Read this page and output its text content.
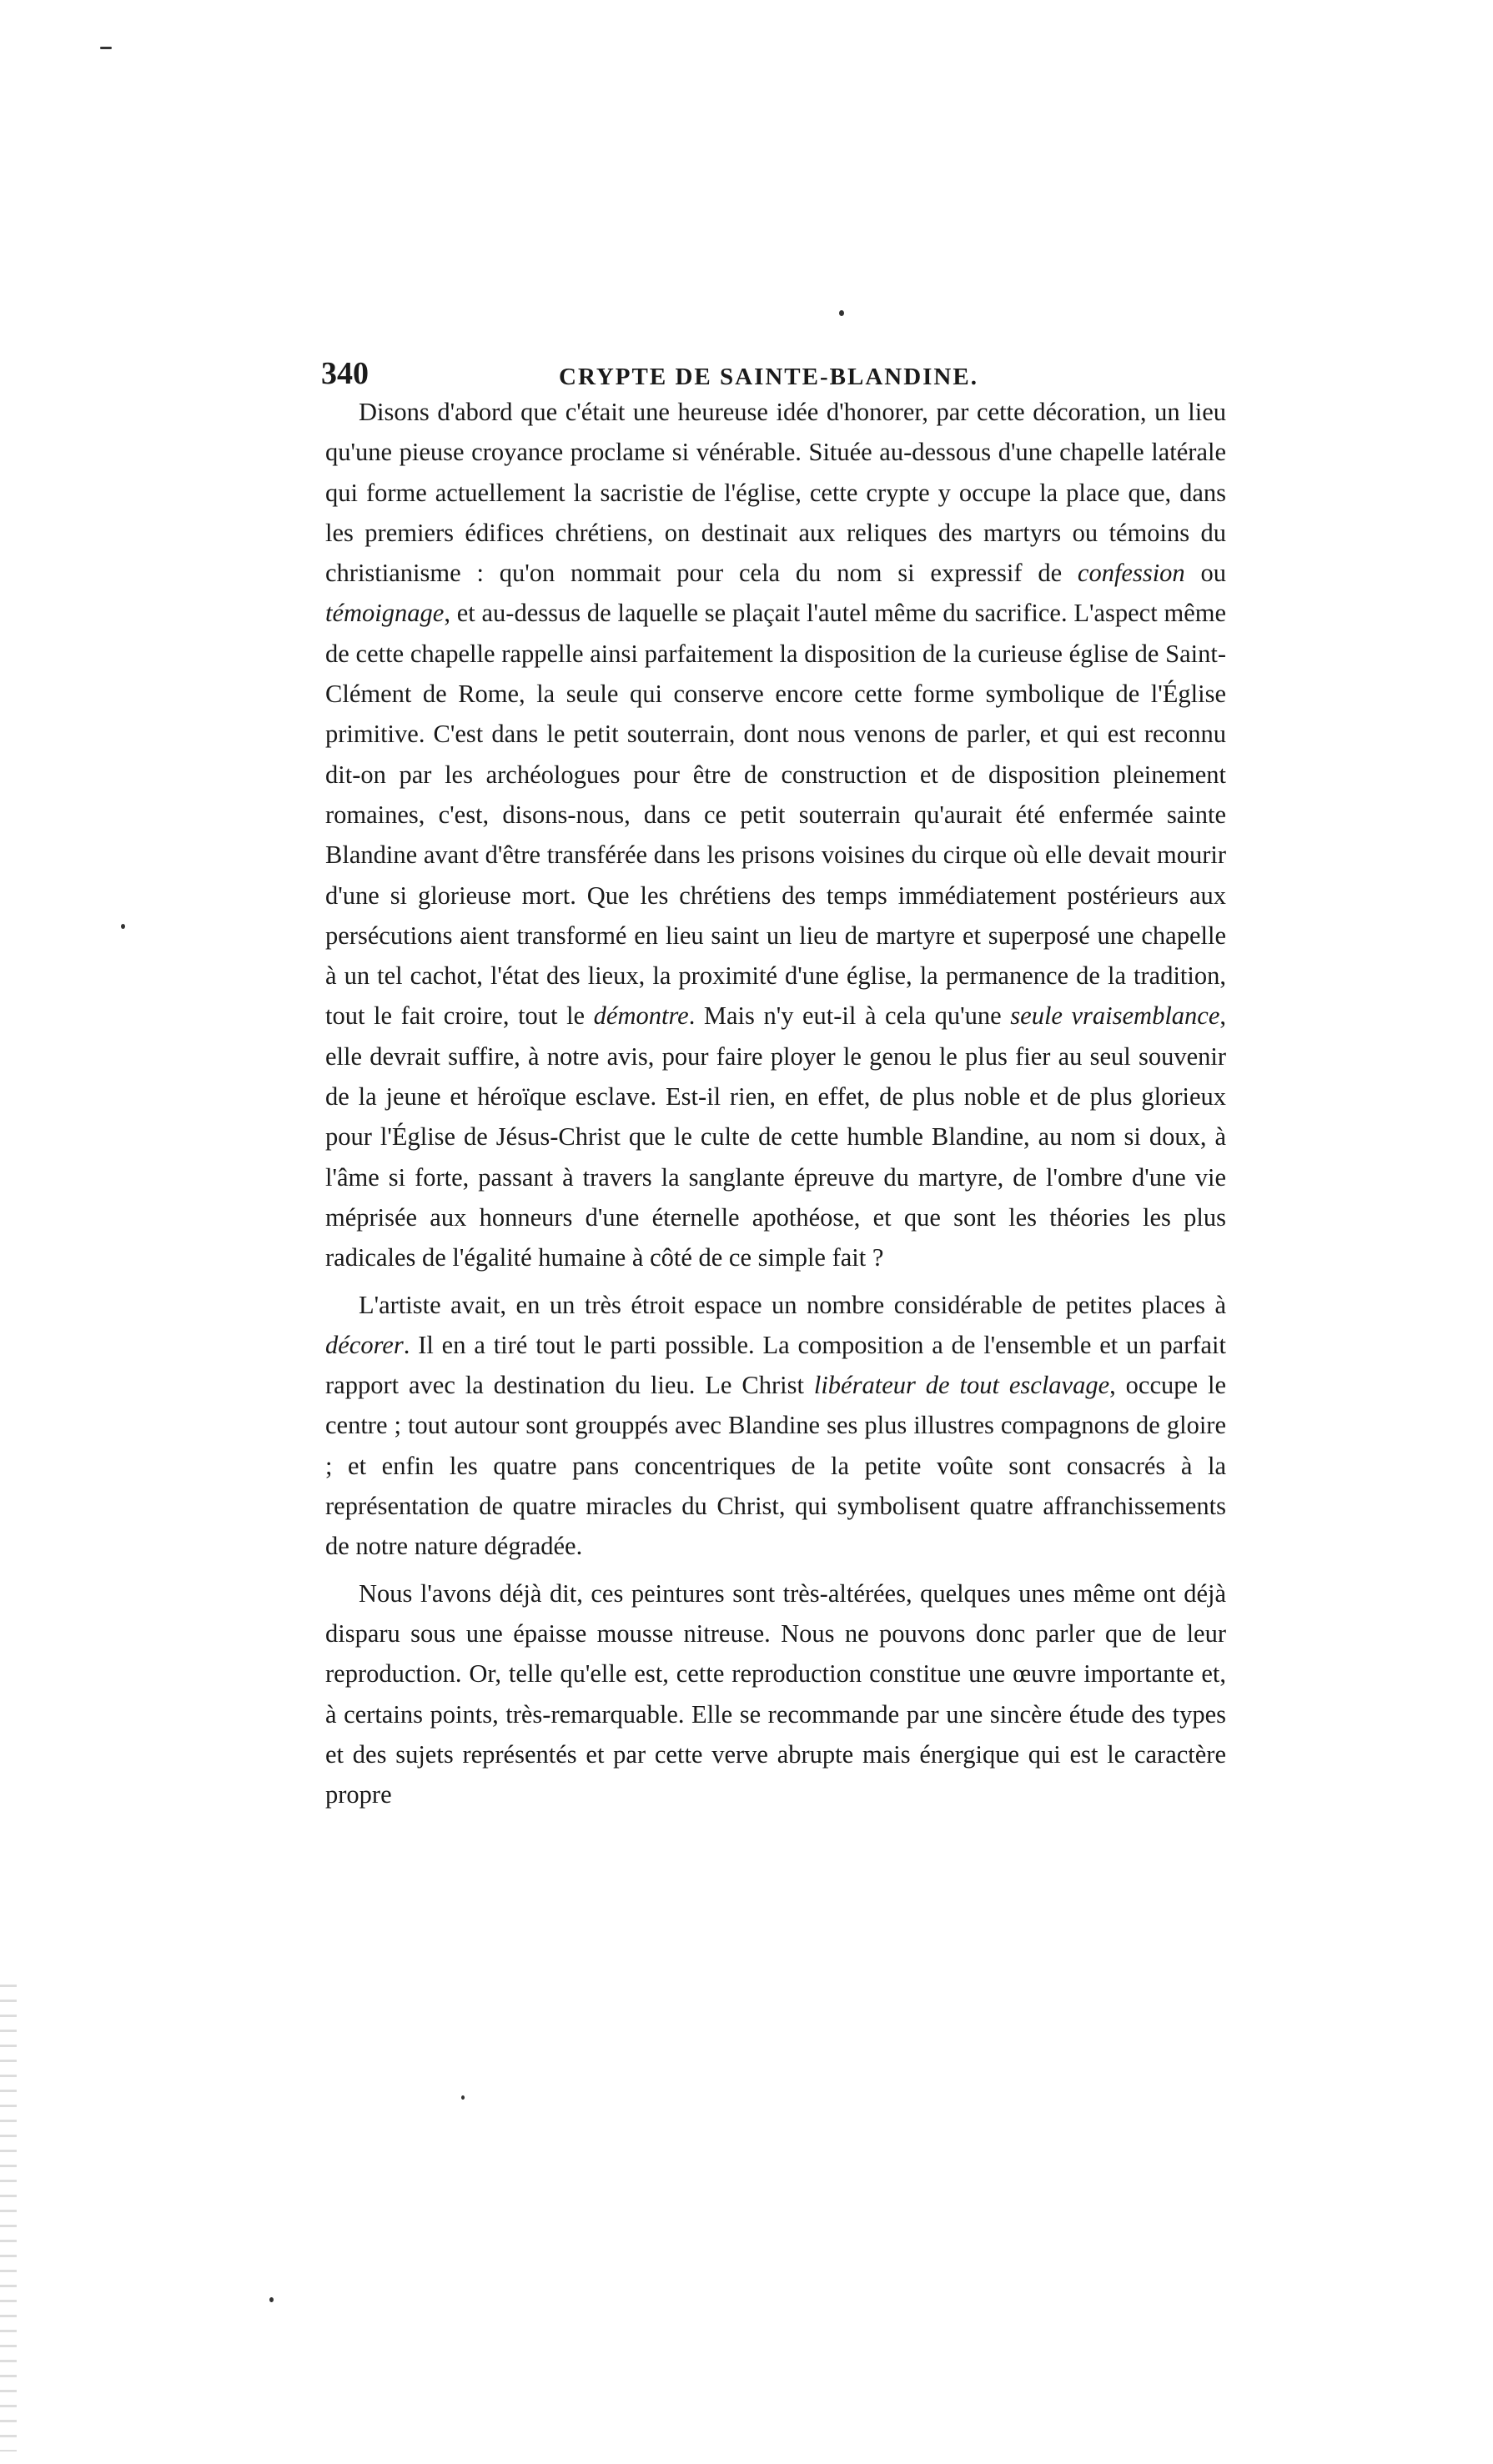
340	CRYPTE DE SAINTE-BLANDINE.

Disons d'abord que c'était une heureuse idée d'honorer, par cette décoration, un lieu qu'une pieuse croyance proclame si vénérable. Située au-dessous d'une chapelle latérale qui forme actuellement la sacristie de l'église, cette crypte y occupe la place que, dans les premiers édifices chrétiens, on destinait aux reliques des martyrs ou témoins du christianisme : qu'on nommait pour cela du nom si expressif de confession ou témoignage, et au-dessus de laquelle se plaçait l'autel même du sacrifice. L'aspect même de cette chapelle rappelle ainsi parfaitement la disposition de la curieuse église de Saint-Clément de Rome, la seule qui conserve encore cette forme symbolique de l'Église primitive. C'est dans le petit souterrain, dont nous venons de parler, et qui est reconnu dit-on par les archéologues pour être de construction et de disposition pleinement romaines, c'est, disons-nous, dans ce petit souterrain qu'aurait été enfermée sainte Blandine avant d'être transférée dans les prisons voisines du cirque où elle devait mourir d'une si glorieuse mort. Que les chrétiens des temps immédiatement postérieurs aux persécutions aient transformé en lieu saint un lieu de martyre et superposé une chapelle à un tel cachot, l'état des lieux, la proximité d'une église, la permanence de la tradition, tout le fait croire, tout le démontre. Mais n'y eut-il à cela qu'une seule vraisemblance, elle devrait suffire, à notre avis, pour faire ployer le genou le plus fier au seul souvenir de la jeune et héroïque esclave. Est-il rien, en effet, de plus noble et de plus glorieux pour l'Église de Jésus-Christ que le culte de cette humble Blandine, au nom si doux, à l'âme si forte, passant à travers la sanglante épreuve du martyre, de l'ombre d'une vie méprisée aux honneurs d'une éternelle apothéose, et que sont les théories les plus radicales de l'égalité humaine à côté de ce simple fait ?

L'artiste avait, en un très étroit espace un nombre considérable de petites places à décorer. Il en a tiré tout le parti possible. La composition a de l'ensemble et un parfait rapport avec la destination du lieu. Le Christ libérateur de tout esclavage, occupe le centre ; tout autour sont grouppés avec Blandine ses plus illustres compagnons de gloire ; et enfin les quatre pans concentriques de la petite voûte sont consacrés à la représentation de quatre miracles du Christ, qui symbolisent quatre affranchissements de notre nature dégradée.

Nous l'avons déjà dit, ces peintures sont très-altérées, quelques unes même ont déjà disparu sous une épaisse mousse nitreuse. Nous ne pouvons donc parler que de leur reproduction. Or, telle qu'elle est, cette reproduction constitue une œuvre importante et, à certains points, très-remarquable. Elle se recommande par une sincère étude des types et des sujets représentés et par cette verve abrupte mais énergique qui est le caractère propre
